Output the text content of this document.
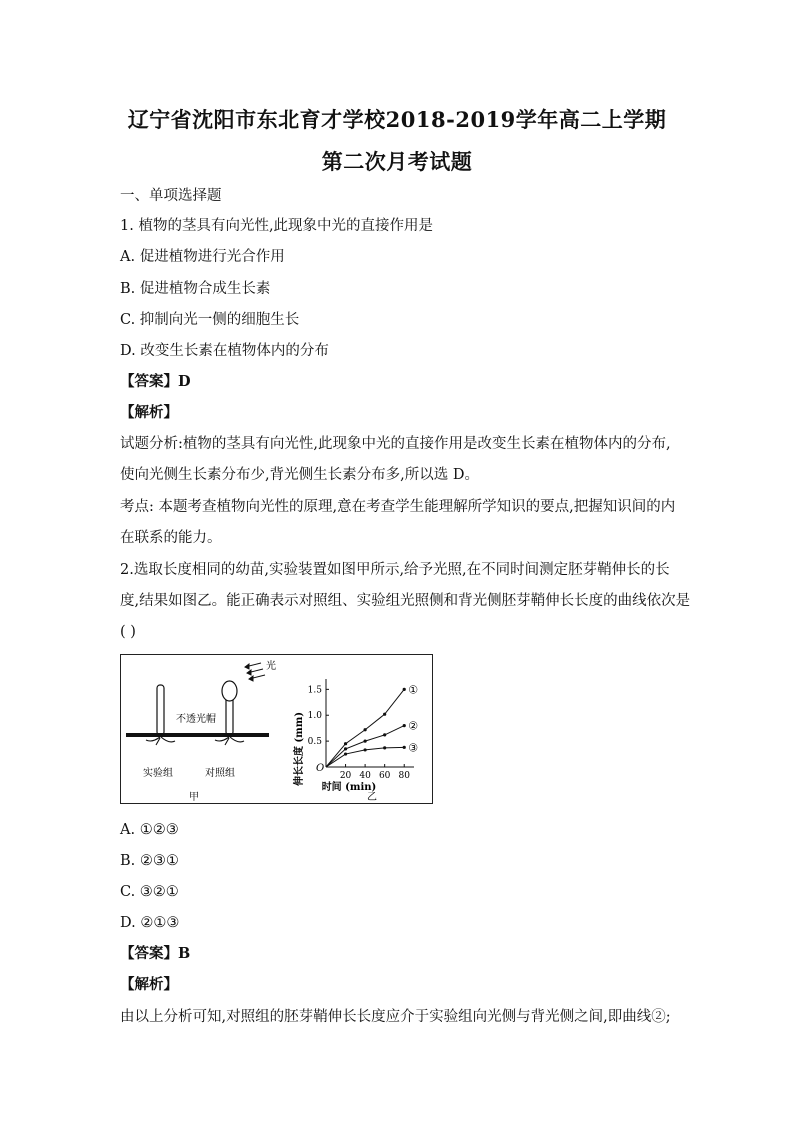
辽宁省沈阳市东北育才学校2018-2019学年高二上学期
第二次月考试题
一、单项选择题
1. 植物的茎具有向光性,此现象中光的直接作用是
A. 促进植物进行光合作用
B. 促进植物合成生长素
C. 抑制向光一侧的细胞生长
D. 改变生长素在植物体内的分布
【答案】D
【解析】
试题分析:植物的茎具有向光性,此现象中光的直接作用是改变生长素在植物体内的分布,
使向光侧生长素分布少,背光侧生长素分布多,所以选 D。
考点: 本题考查植物向光性的原理,意在考查学生能理解所学知识的要点,把握知识间的内
在联系的能力。
2.选取长度相同的幼苗,实验装置如图甲所示,给予光照,在不同时间测定胚芽鞘伸长的长
度,结果如图乙。能正确表示对照组、实验组光照侧和背光侧胚芽鞘伸长长度的曲线依次是
( )
光
不透光帽
实验组	对照组
甲	乙
伸长长度 (mm)
时间 (min)
O
20 40 60 80
0.5
1.0
1.5	①
②
③
A. ①②③
B. ②③①
C. ③②①
D. ②①③
【答案】B
【解析】
由以上分析可知,对照组的胚芽鞘伸长长度应介于实验组向光侧与背光侧之间,即曲线②;
